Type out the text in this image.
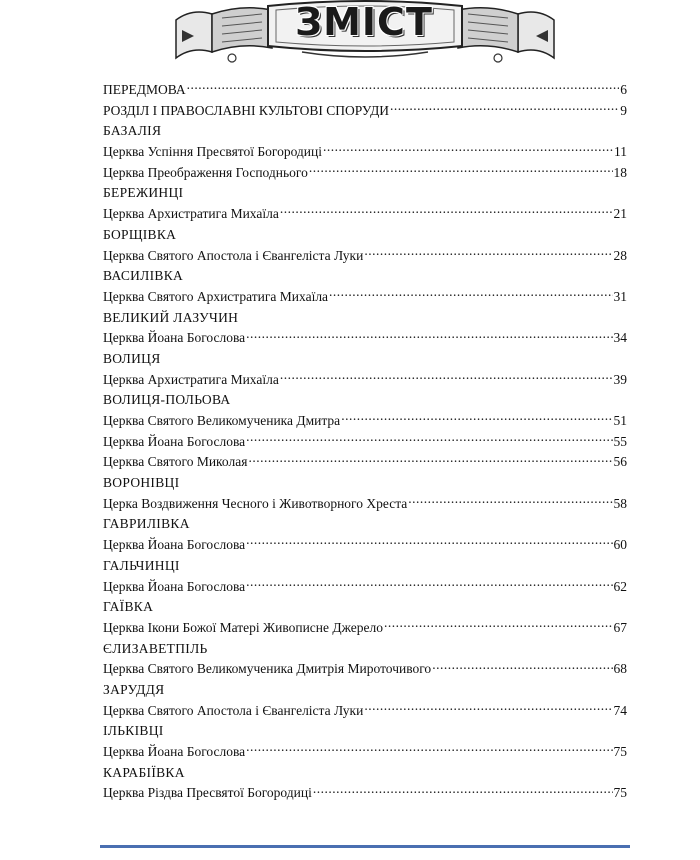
ЗМІСТ
ПЕРЕДМОВА .....	6
РОЗДІЛ І ПРАВОСЛАВНІ КУЛЬТОВІ СПОРУДИ .....	9
БАЗАЛІЯ
Церква Успіння Пресвятої Богородиці .....	11
Церква Преображення Господнього .....	18
БЕРЕЖИНЦІ
Церква Архистратига Михаїла .....	21
БОРЩІВКА
Церква Святого Апостола і Євангеліста Луки .....	28
ВАСИЛІВКА
Церква Святого Архистратига Михаїла .....	31
ВЕЛИКИЙ ЛАЗУЧИН
Церква Йоана Богослова .....	34
ВОЛИЦЯ
Церква Архистратига Михаїла .....	39
ВОЛИЦЯ-ПОЛЬОВА
Церква Святого Великомученика Дмитра .....	51
Церква Йоана Богослова .....	55
Церква Святого Миколая .....	56
ВОРОНІВЦІ
Церка Воздвиження Чесного і Животворного Хреста .....	58
ГАВРИЛІВКА
Церква Йоана Богослова .....	60
ГАЛЬЧИНЦІ
Церква Йоана Богослова .....	62
ГАЇВКА
Церква Ікони Божої Матері Живописне Джерело .....	67
ЄЛИЗАВЕТПІЛЬ
Церква Святого Великомученика Дмитрія Мироточивого .....	68
ЗАРУДДЯ
Церква Святого Апостола і Євангеліста Луки .....	74
ІЛЬКІВЦІ
Церква Йоана Богослова .....	75
КАРАБІЇВКА
Церква Різдва Пресвятої Богородиці .....	75
